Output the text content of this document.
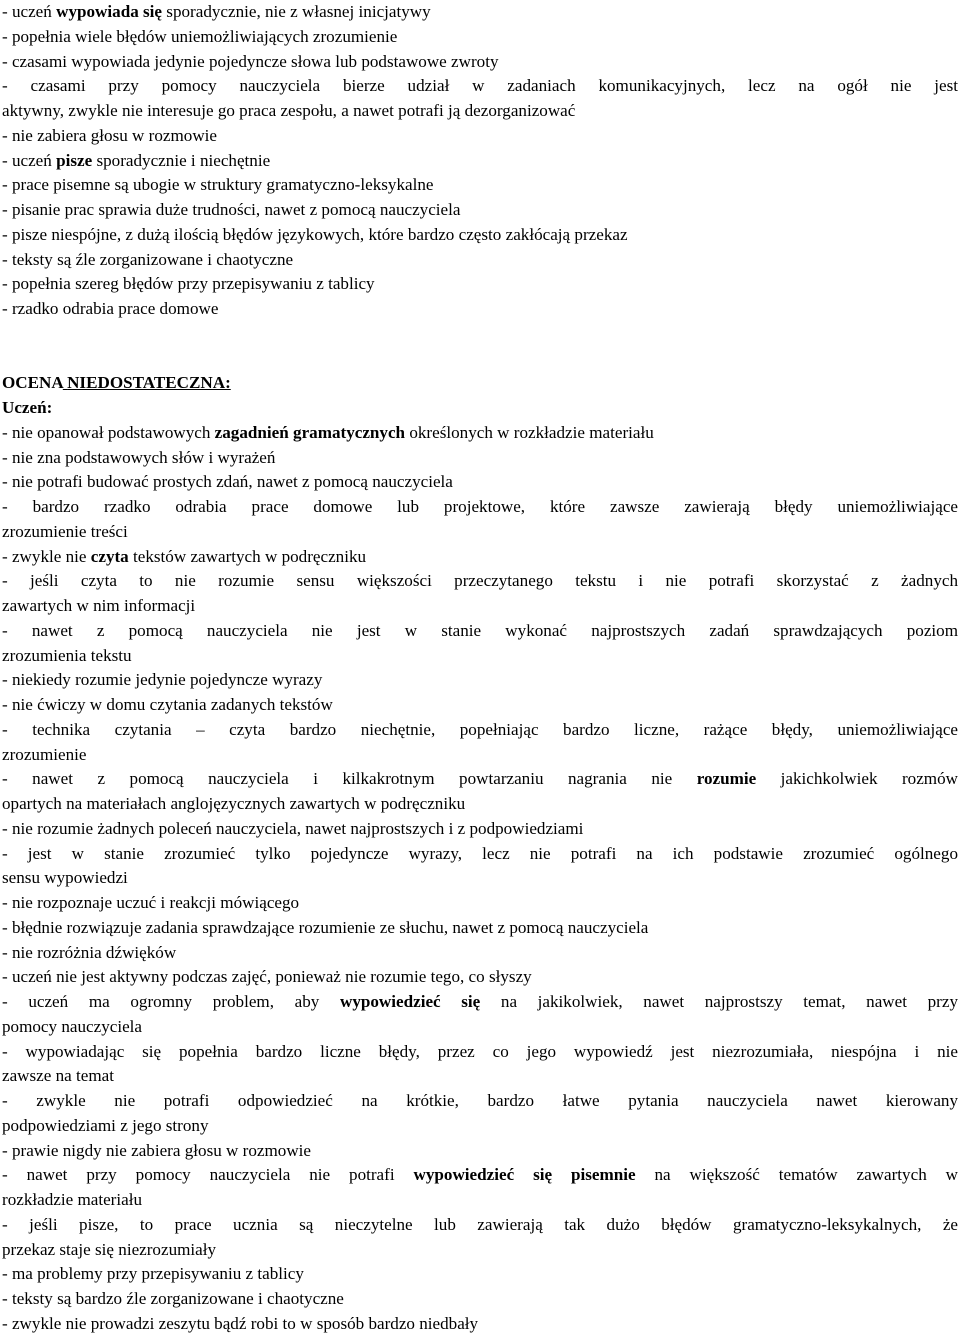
- uczeń wypowiada się sporadycznie, nie z własnej inicjatywy

- popełnia wiele błędów uniemożliwiających zrozumienie

- czasami wypowiada jedynie pojedyncze słowa lub podstawowe zwroty

- czasami przy pomocy nauczyciela bierze udział w zadaniach komunikacyjnych, lecz na ogół nie jest

aktywny, zwykle nie interesuje go praca zespołu, a nawet potrafi ją dezorganizować

- nie zabiera głosu w rozmowie

- uczeń pisze sporadycznie i niechętnie

- prace pisemne są ubogie w struktury gramatyczno-leksykalne

- pisanie prac sprawia duże trudności, nawet z pomocą nauczyciela

- pisze niespójne, z dużą ilością błędów językowych, które bardzo często zakłócają przekaz

- teksty są źle zorganizowane i chaotyczne

- popełnia szereg błędów przy przepisywaniu z tablicy

- rzadko odrabia prace domowe

OCENA NIEDOSTATECZNA:

Uczeń:

- nie opanował podstawowych zagadnień gramatycznych określonych w rozkładzie materiału

- nie zna podstawowych słów i wyrażeń

- nie potrafi budować prostych zdań, nawet z pomocą nauczyciela

- bardzo rzadko odrabia prace domowe lub projektowe, które zawsze zawierają błędy uniemożliwiające

zrozumienie treści

- zwykle nie czyta tekstów zawartych w podręczniku

- jeśli czyta to nie rozumie sensu większości przeczytanego tekstu i nie potrafi skorzystać z żadnych

zawartych w nim informacji

- nawet z pomocą nauczyciela nie jest w stanie wykonać najprostszych zadań sprawdzających poziom

zrozumienia tekstu

- niekiedy rozumie jedynie pojedyncze wyrazy

- nie ćwiczy w domu czytania zadanych tekstów

- technika czytania – czyta bardzo niechętnie, popełniając bardzo liczne, rażące błędy, uniemożliwiające

zrozumienie

- nawet z pomocą nauczyciela i kilkakrotnym powtarzaniu nagrania nie rozumie jakichkolwiek rozmów

opartych na materiałach anglojęzycznych zawartych w podręczniku

- nie rozumie żadnych poleceń nauczyciela, nawet najprostszych i z podpowiedziami

- jest w stanie zrozumieć tylko pojedyncze wyrazy, lecz nie potrafi na ich podstawie zrozumieć ogólnego

sensu wypowiedzi

- nie rozpoznaje uczuć i reakcji mówiącego

- błędnie rozwiązuje zadania sprawdzające rozumienie ze słuchu, nawet z pomocą nauczyciela

- nie rozróżnia dźwięków

- uczeń nie jest aktywny podczas zajęć, ponieważ nie rozumie tego, co słyszy

- uczeń ma ogromny problem, aby wypowiedzieć się na jakikolwiek, nawet najprostszy temat, nawet przy

pomocy nauczyciela

- wypowiadając się popełnia bardzo liczne błędy, przez co jego wypowiedź jest niezrozumiała, niespójna i nie

zawsze na temat

- zwykle nie potrafi odpowiedzieć na krótkie, bardzo łatwe pytania nauczyciela nawet kierowany

podpowiedziami z jego strony

- prawie nigdy nie zabiera głosu w rozmowie

- nawet przy pomocy nauczyciela nie potrafi wypowiedzieć się pisemnie na większość tematów zawartych w

rozkładzie materiału

- jeśli pisze, to prace ucznia są nieczytelne lub zawierają tak dużo błędów gramatyczno-leksykalnych, że

przekaz staje się niezrozumiały

- ma problemy przy przepisywaniu z tablicy

- teksty są bardzo źle zorganizowane i chaotyczne

- zwykle nie prowadzi zeszytu bądź robi to w sposób bardzo niedbały
